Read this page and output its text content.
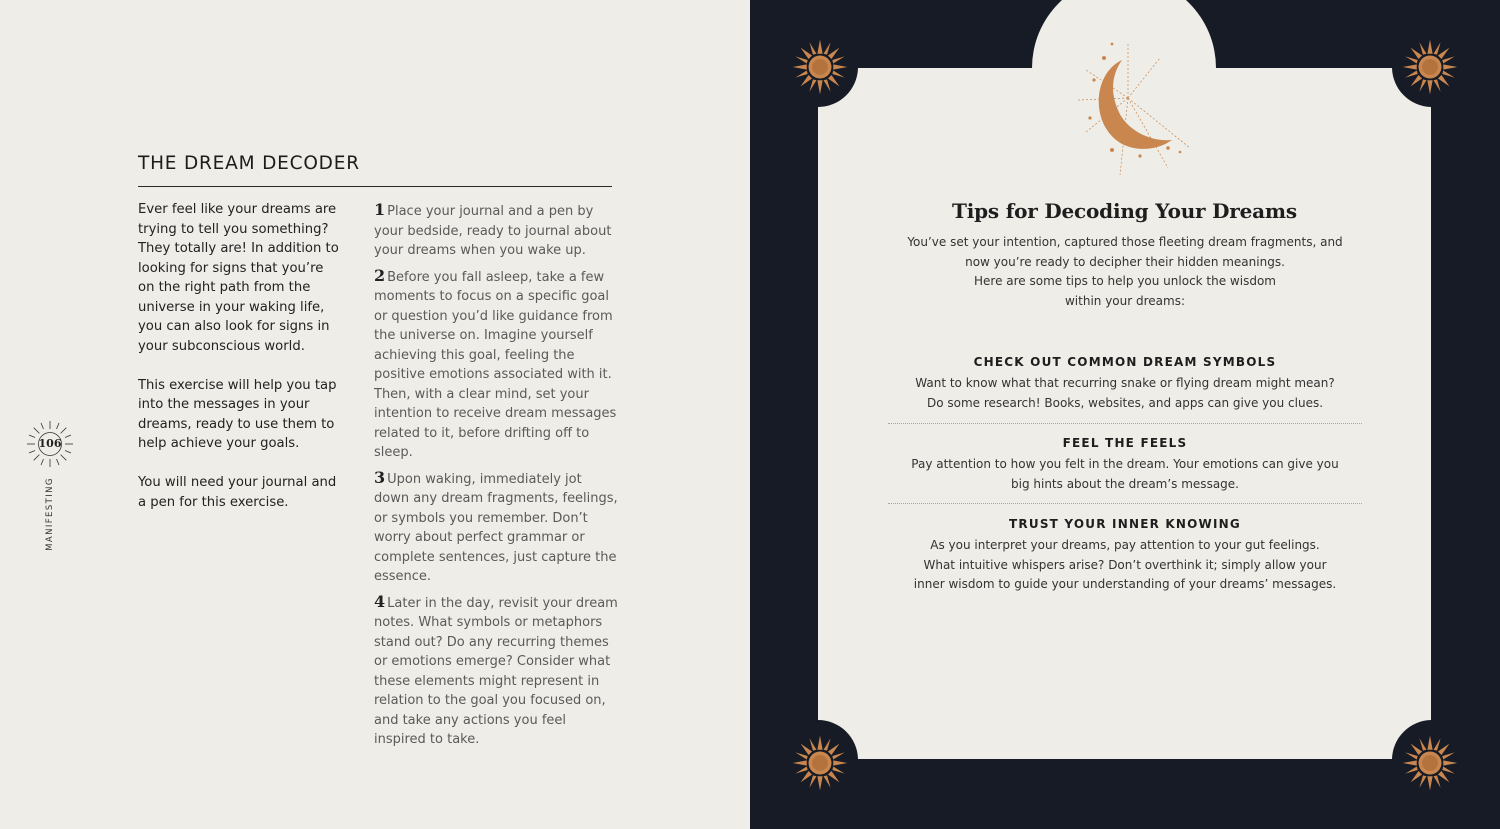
THE DREAM DECODER

Ever feel like your dreams are trying to tell you something? They totally are! In addition to looking for signs that you’re on the right path from the universe in your waking life, you can also look for signs in your subconscious world.

This exercise will help you tap into the messages in your dreams, ready to use them to help achieve your goals.

You will need your journal and a pen for this exercise.

1 Place your journal and a pen by your bedside, ready to journal about your dreams when you wake up.

2 Before you fall asleep, take a few moments to focus on a specific goal or question you’d like guidance from the universe on. Imagine yourself achieving this goal, feeling the positive emotions associated with it. Then, with a clear mind, set your intention to receive dream messages related to it, before drifting off to sleep.

3 Upon waking, immediately jot down any dream fragments, feelings, or symbols you remember. Don’t worry about perfect grammar or complete sentences, just capture the essence.

4 Later in the day, revisit your dream notes. What symbols or metaphors stand out? Do any recurring themes or emotions emerge? Consider what these elements might represent in relation to the goal you focused on, and take any actions you feel inspired to take.

106
MANIFESTING
Tips for Decoding Your Dreams

You’ve set your intention, captured those fleeting dream fragments, and
now you’re ready to decipher their hidden meanings.
Here are some tips to help you unlock the wisdom
within your dreams:

CHECK OUT COMMON DREAM SYMBOLS

Want to know what that recurring snake or flying dream might mean?
Do some research! Books, websites, and apps can give you clues.

FEEL THE FEELS

Pay attention to how you felt in the dream. Your emotions can give you
big hints about the dream’s message.

TRUST YOUR INNER KNOWING

As you interpret your dreams, pay attention to your gut feelings.
What intuitive whispers arise? Don’t overthink it; simply allow your
inner wisdom to guide your understanding of your dreams’ messages.
